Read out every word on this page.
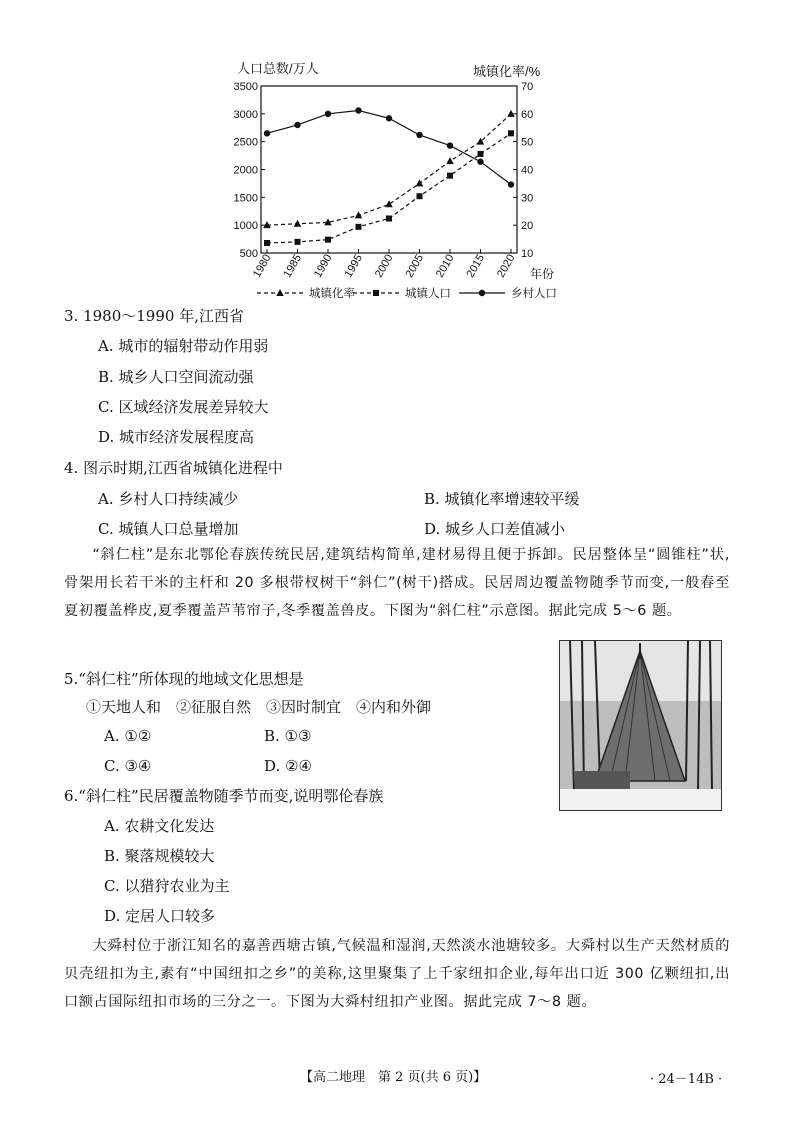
500
1000
1500
2000
2500
3000
3500
10
20
30
40
50
60
70
1980 1985 1990 1995 2000 2005 2010 2015 2020
城镇化率	城镇人口	乡村人口
人口总数/万人	城镇化率/%
年份
3. 1980～1990 年,江西省
A. 城市的辐射带动作用弱
B. 城乡人口空间流动强
C. 区域经济发展差异较大
D. 城市经济发展程度高
4. 图示时期,江西省城镇化进程中
A. 乡村人口持续减少	B. 城镇化率增速较平缓
C. 城镇人口总量增加	D. 城乡人口差值减小

“斜仁柱”是东北鄂伦春族传统民居,建筑结构简单,建材易得且便于拆卸。民居整体呈“圆锥柱”状,骨架用长若干米的主杆和 20 多根带杈树干“斜仁”(树干)搭成。民居周边覆盖物随季节而变,一般春至夏初覆盖桦皮,夏季覆盖芦苇帘子,冬季覆盖兽皮。下图为“斜仁柱”示意图。据此完成 5～6 题。

5.“斜仁柱”所体现的地域文化思想是
①天地人和　②征服自然　③因时制宜　④内和外御
A. ①②	B. ①③
C. ③④	D. ②④
6.“斜仁柱”民居覆盖物随季节而变,说明鄂伦春族
A. 农耕文化发达
B. 聚落规模较大
C. 以猎狩农业为主
D. 定居人口较多

大舜村位于浙江知名的嘉善西塘古镇,气候温和湿润,天然淡水池塘较多。大舜村以生产天然材质的贝壳纽扣为主,素有“中国纽扣之乡”的美称,这里聚集了上千家纽扣企业,每年出口近 300 亿颗纽扣,出口额占国际纽扣市场的三分之一。下图为大舜村纽扣产业图。据此完成 7～8 题。

【高二地理　第 2 页(共 6 页)】	· 24－14B ·
